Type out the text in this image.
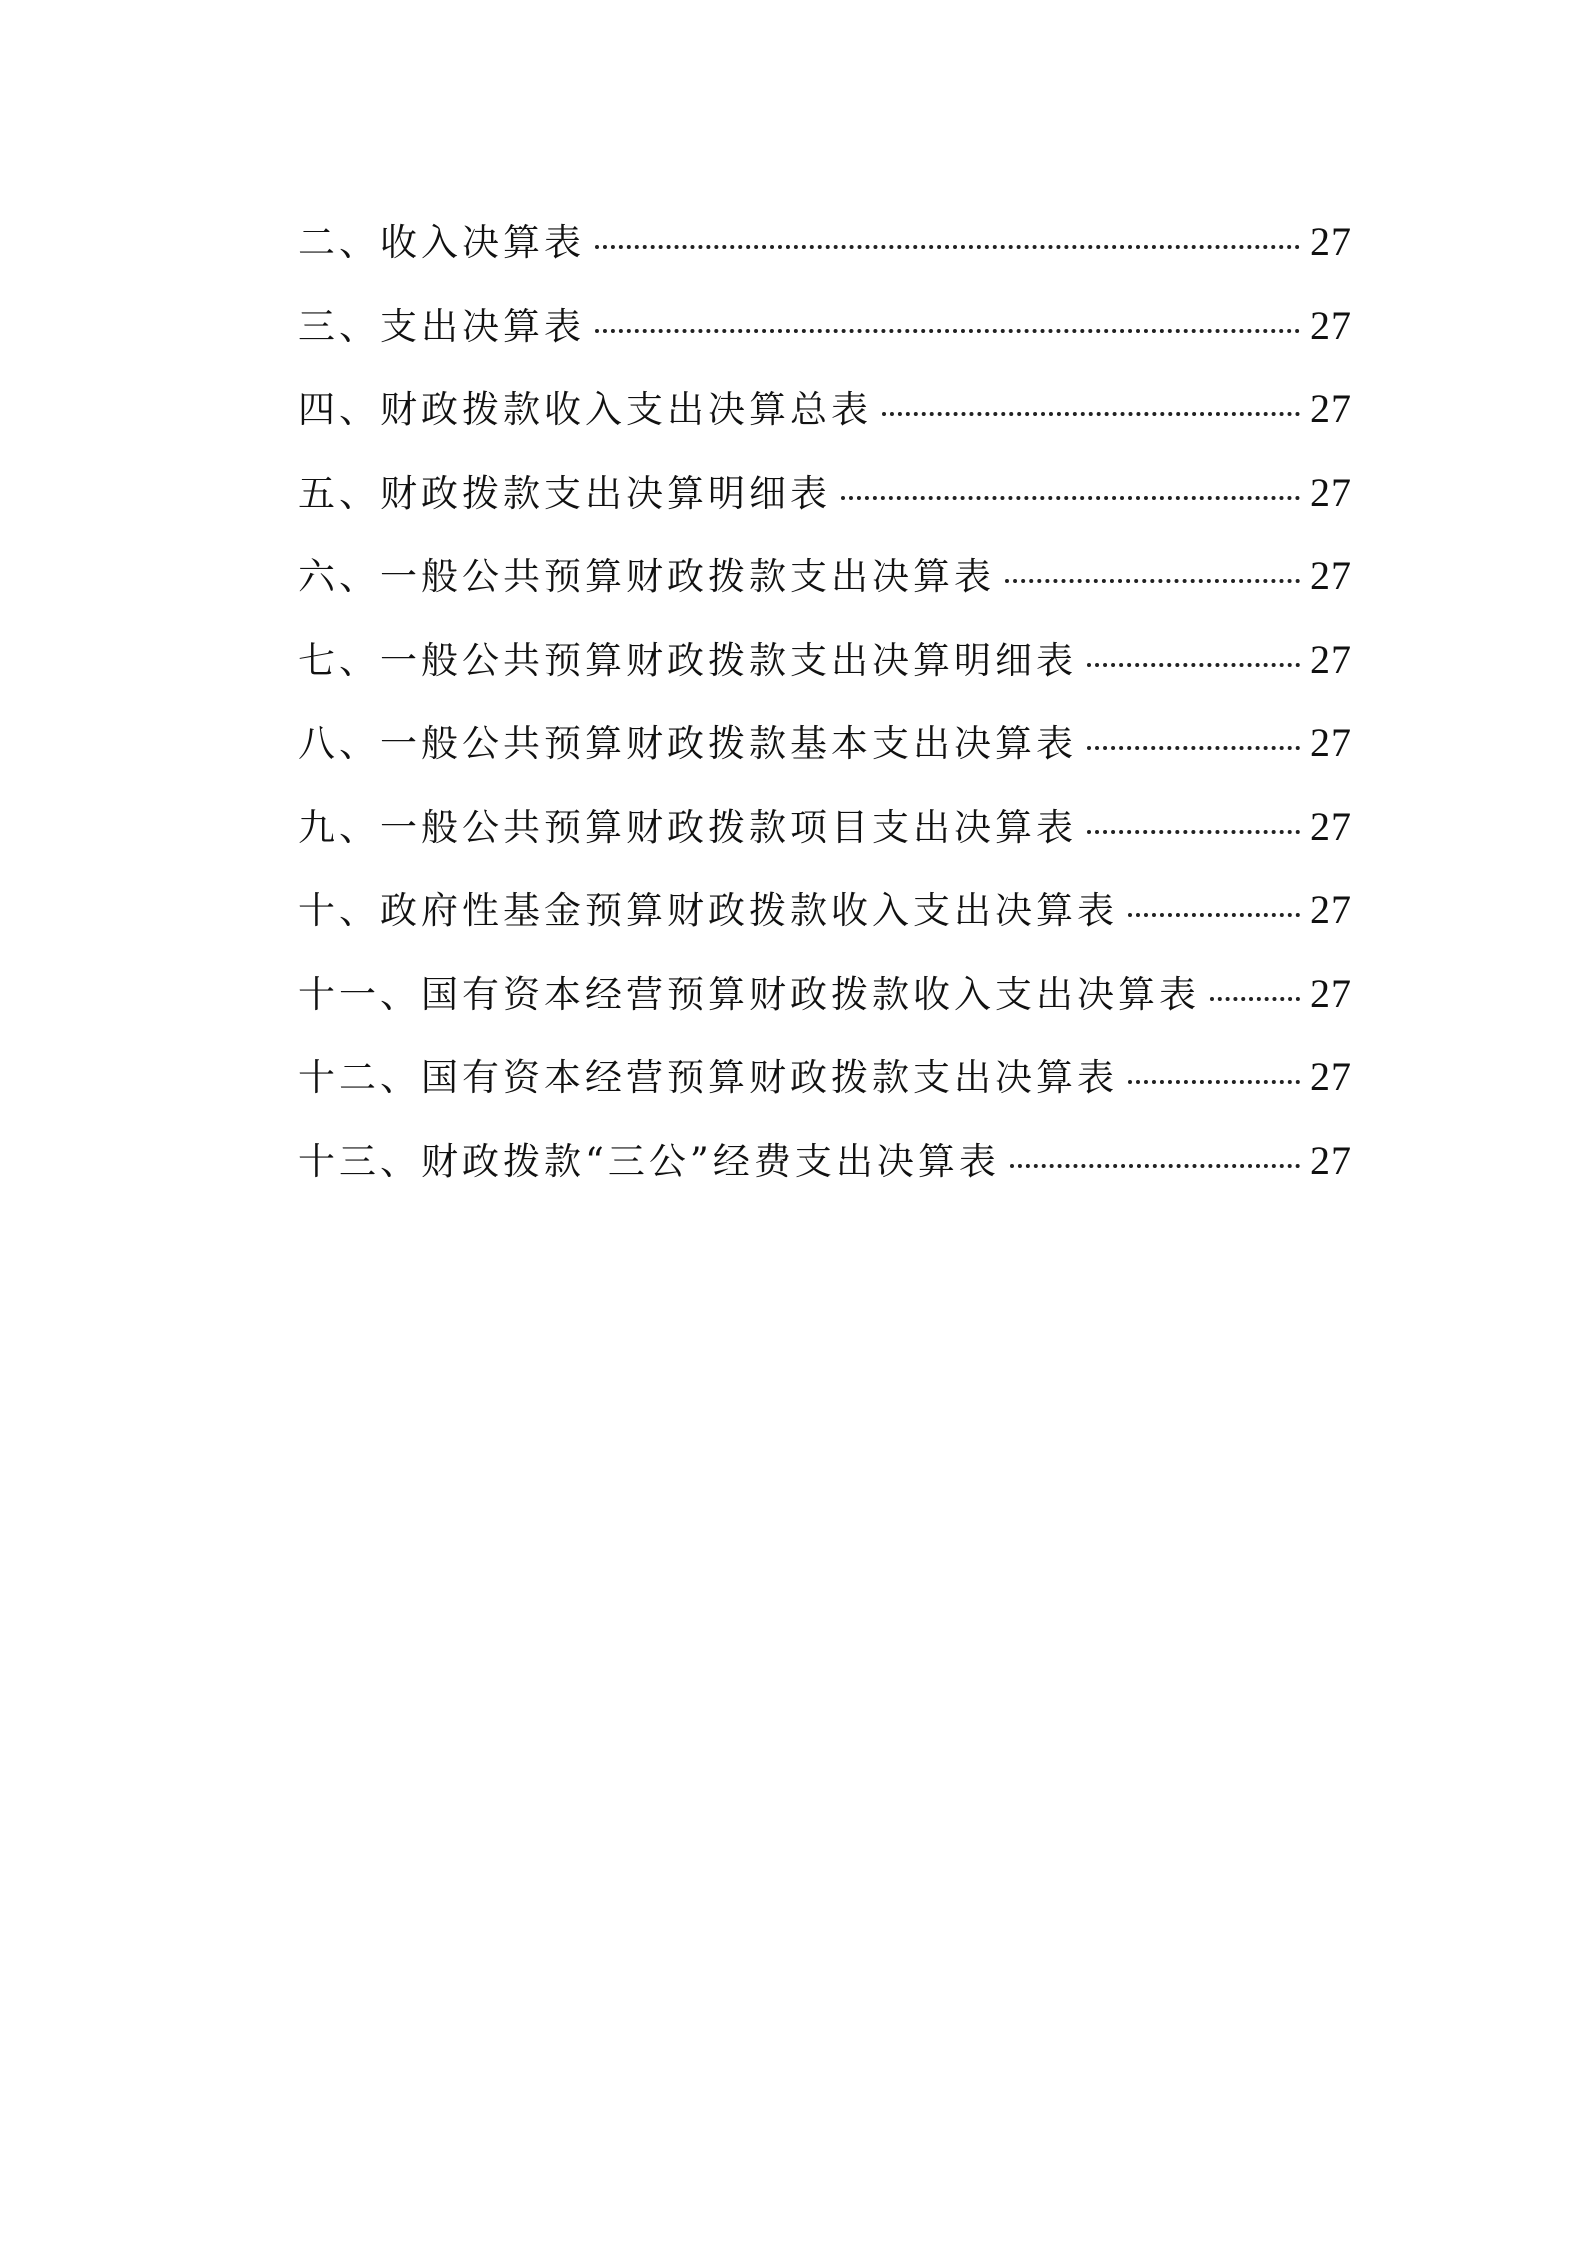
二、收入决算表	27
三、支出决算表	27
四、财政拨款收入支出决算总表	27
五、财政拨款支出决算明细表	27
六、一般公共预算财政拨款支出决算表	27
七、一般公共预算财政拨款支出决算明细表	27
八、一般公共预算财政拨款基本支出决算表	27
九、一般公共预算财政拨款项目支出决算表	27
十、政府性基金预算财政拨款收入支出决算表	27
十一、国有资本经营预算财政拨款收入支出决算表	27
十二、国有资本经营预算财政拨款支出决算表	27
十三、财政拨款“三公”经费支出决算表	27
